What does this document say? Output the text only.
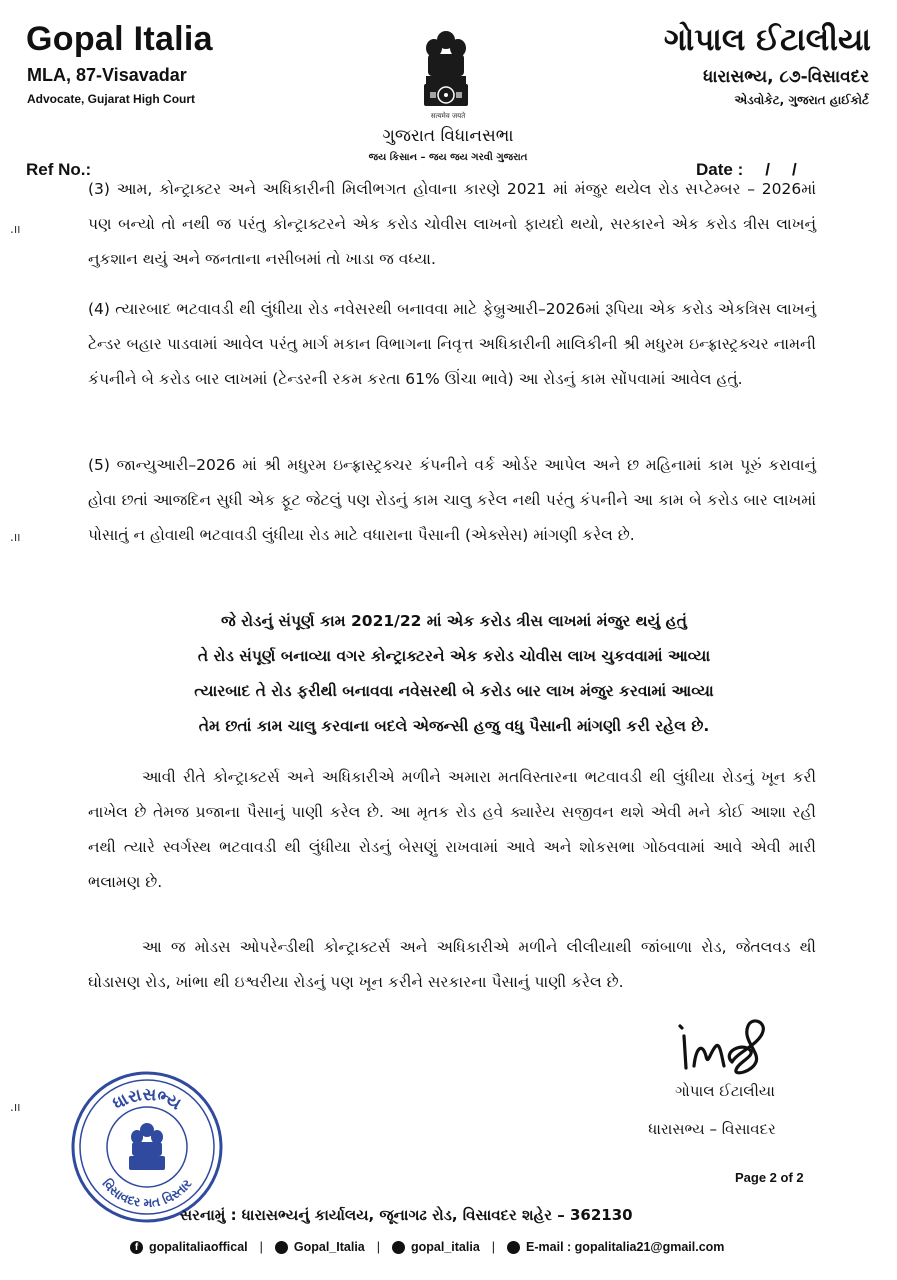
Gopal Italia
MLA, 87-Visavadar
Advocate, Gujarat High Court
ગોપાલ ઈટાલીયા
ધારાસભ્ય, ૮૭-વિસાવદર
એડવોકેટ, ગુજરાત હાઈકોર્ટ
सत्यमेव जयते
ગુજરાત વિધાનસભા
જય કિસાન – જય જય ગરવી ગુજરાત
Ref No.:	Date : / /
.ıı
.ıı
.ıı
(3) આમ, કોન્ટ્રાક્ટર અને અધિકારીની મિલીભગત હોવાના કારણે 2021 માં મંજુર થયેલ રોડ સપ્ટેમ્બર – 2026માં પણ બન્યો તો નથી જ પરંતુ કોન્ટ્રાક્ટરને એક કરોડ ચોવીસ લાખનો ફાયદો થયો, સરકારને એક કરોડ ત્રીસ લાખનું નુકશાન થયું અને જનતાના નસીબમાં તો ખાડા જ વધ્યા.
(4) ત્યારબાદ ભટવાવડી થી લુંધીયા રોડ નવેસરથી બનાવવા માટે ફેબ્રુઆરી–2026માં રૂપિયા એક કરોડ એકત્રિસ લાખનું ટેન્ડર બહાર પાડવામાં આવેલ પરંતુ માર્ગ મકાન વિભાગના નિવૃત્ત અધિકારીની માલિકીની શ્રી મધુરમ ઇન્ફ્રાસ્ટ્રક્ચર નામની કંપનીને બે કરોડ બાર લાખમાં (ટેન્ડરની રકમ કરતા 61% ઊંચા ભાવે) આ રોડનું કામ સોંપવામાં આવેલ હતું.
(5) જાન્યુઆરી–2026 માં શ્રી મધુરમ ઇન્ફ્રાસ્ટ્રક્ચર કંપનીને વર્ક ઓર્ડર આપેલ અને છ મહિનામાં કામ પૂરું કરાવાનું હોવા છતાં આજદિન સુધી એક ફૂટ જેટલું પણ રોડનું કામ ચાલુ કરેલ નથી પરંતુ કંપનીને આ કામ બે કરોડ બાર લાખમાં પોસાતું ન હોવાથી ભટવાવડી લુંધીયા રોડ માટે વધારાના પૈસાની (એક્સેસ) માંગણી કરેલ છે.
જે રોડનું સંપૂર્ણ કામ 2021/22 માં એક કરોડ ત્રીસ લાખમાં મંજુર થયું હતું
તે રોડ સંપૂર્ણ બનાવ્યા વગર કોન્ટ્રાક્ટરને એક કરોડ ચોવીસ લાખ ચુકવવામાં આવ્યા
ત્યારબાદ તે રોડ ફરીથી બનાવવા નવેસરથી બે કરોડ બાર લાખ મંજુર કરવામાં આવ્યા
તેમ છતાં કામ ચાલુ કરવાના બદલે એજન્સી હજુ વધુ પૈસાની માંગણી કરી રહેલ છે.
આવી રીતે કોન્ટ્રાક્ટર્સ અને અધિકારીએ મળીને અમારા મતવિસ્તારના ભટવાવડી થી લુંધીયા રોડનું ખૂન કરી નાખેલ છે તેમજ પ્રજાના પૈસાનું પાણી કરેલ છે. આ મૃતક રોડ હવે ક્યારેય સજીવન થશે એવી મને કોઈ આશા રહી નથી ત્યારે સ્વર્ગસ્થ ભટવાવડી થી લુંધીયા રોડનું બેસણું રાખવામાં આવે અને શોકસભા ગોઠવવામાં આવે એવી મારી ભલામણ છે.
આ જ મોડસ ઓપરેન્ડીથી કોન્ટ્રાક્ટર્સ અને અધિકારીએ મળીને લીલીયાથી જાંબાળા રોડ, જેતલવડ થી ઘોડાસણ રોડ, ખાંભા થી ઇશ્વરીયા રોડનું પણ ખૂન કરીને સરકારના પૈસાનું પાણી કરેલ છે.
ગોપાલ ઈટાલીયા
ધારાસભ્ય – વિસાવદર
ધારાસભ્ય
વિસાવદર મત વિસ્તાર	Page 2 of 2
સરનામું : ધારાસભ્યનું કાર્યાલય, જૂનાગઢ રોડ, વિસાવદર શહેર – 362130
f gopalitaliaoffical | Gopal_Italia | gopal_italia | E-mail :
gopalitalia21@gmail.com
